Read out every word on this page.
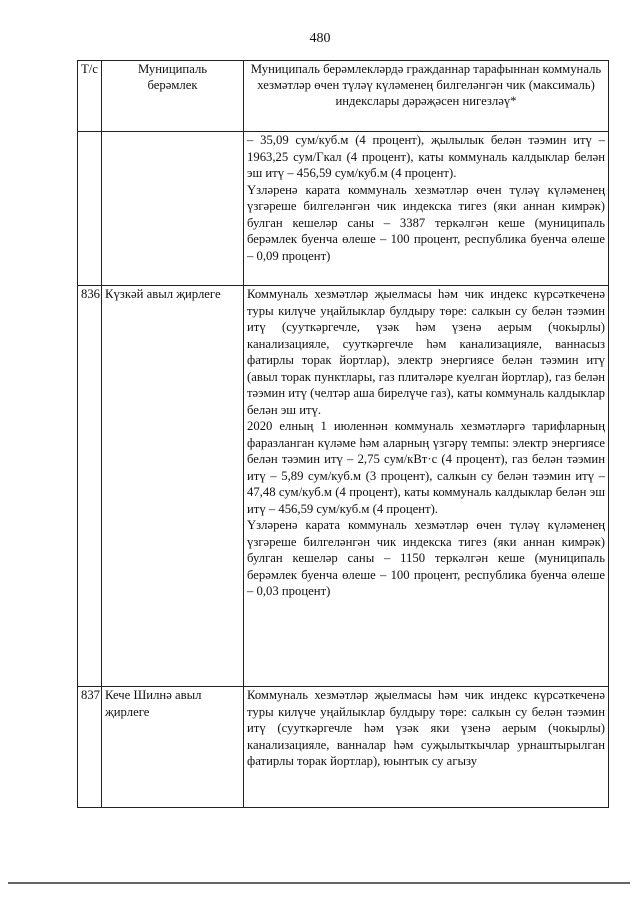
480
Т/с	Муниципаль берәмлек	Муниципаль берәмлекләрдә гражданнар тарафыннан коммуналь хезмәтләр өчен түләү күләменең билгеләнгән чик (максималь) индекслары дәрәҗәсен нигезләү*

		– 35,09 сум/куб.м (4 процент), җылылык белән тәэмин итү – 1963,25 сум/Гкал (4 процент), каты коммуналь калдыклар белән эш итү – 456,59 сум/куб.м (4 процент).
Үзләренә карата коммуналь хезмәтләр өчен түләү күләменең үзгәреше билгеләнгән чик индекска тигез (яки аннан кимрәк) булган кешеләр саны – 3387 теркәлгән кеше (муниципаль берәмлек буенча өлеше – 100 процент, республика буенча өлеше – 0,09 процент)

836	Күзкәй авыл җирлеге	Коммуналь хезмәтләр җыелмасы һәм чик индекс күрсәткеченә туры килүче уңайлыклар булдыру төре: салкын су белән тәэмин итү (сууткәргечле, үзәк һәм үзенә аерым (чокырлы) канализацияле, сууткәргечле һәм канализацияле, ваннасыз фатирлы торак йортлар), электр энергиясе белән тәэмин итү (авыл торак пунктлары, газ плитәләре куелган йортлар), газ белән тәэмин итү (челтәр аша бирелүче газ), каты коммуналь калдыклар белән эш итү.
2020 елның 1 июленнән коммуналь хезмәтләргә тарифларның фаразланган күләме һәм аларның үзгәрү темпы: электр энергиясе белән тәэмин итү – 2,75 сум/кВт·с (4 процент), газ белән тәэмин итү – 5,89 сум/куб.м (3 процент), салкын су белән тәэмин итү – 47,48 сум/куб.м (4 процент), каты коммуналь калдыклар белән эш итү – 456,59 сум/куб.м (4 процент).
Үзләренә карата коммуналь хезмәтләр өчен түләү күләменең үзгәреше билгеләнгән чик индекска тигез (яки аннан кимрәк) булган кешеләр саны – 1150 теркәлгән кеше (муниципаль берәмлек буенча өлеше – 100 процент, республика буенча өлеше – 0,03 процент)

837	Кече Шилнә авыл җирлеге	Коммуналь хезмәтләр җыелмасы һәм чик индекс күрсәткеченә туры килүче уңайлыклар булдыру төре: салкын су белән тәэмин итү (сууткәргечле һәм үзәк яки үзенә аерым (чокырлы) канализацияле, ванналар һәм суҗылыткычлар урнаштырылган фатирлы торак йортлар), юынтык су агызу
